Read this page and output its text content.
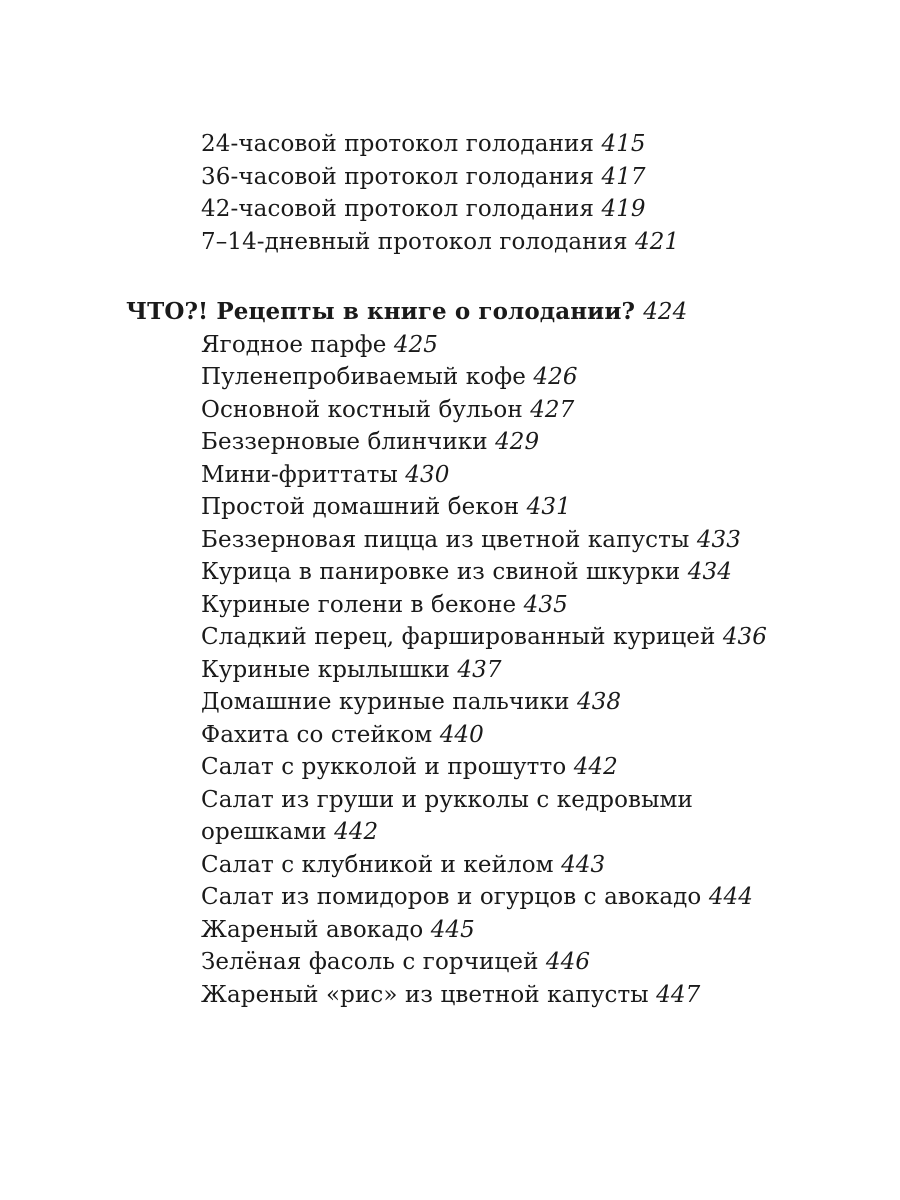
24-часовой протокол голодания 415
36-часовой протокол голодания 417
42-часовой протокол голодания 419
7–14-дневный протокол голодания 421
ЧТО?! Рецепты в книге о голодании? 424
Ягодное парфе 425
Пуленепробиваемый кофе 426
Основной костный бульон 427
Беззерновые блинчики 429
Мини-фриттаты 430
Простой домашний бекон 431
Беззерновая пицца из цветной капусты 433
Курица в панировке из свиной шкурки 434
Куриные голени в беконе 435
Сладкий перец, фаршированный курицей 436
Куриные крылышки 437
Домашние куриные пальчики 438
Фахита со стейком 440
Салат с рукколой и прошутто 442
Салат из груши и рукколы с кедровыми орешками 442
Салат с клубникой и кейлом 443
Салат из помидоров и огурцов с авокадо 444
Жареный авокадо 445
Зелёная фасоль с горчицей 446
Жареный «рис» из цветной капусты 447
